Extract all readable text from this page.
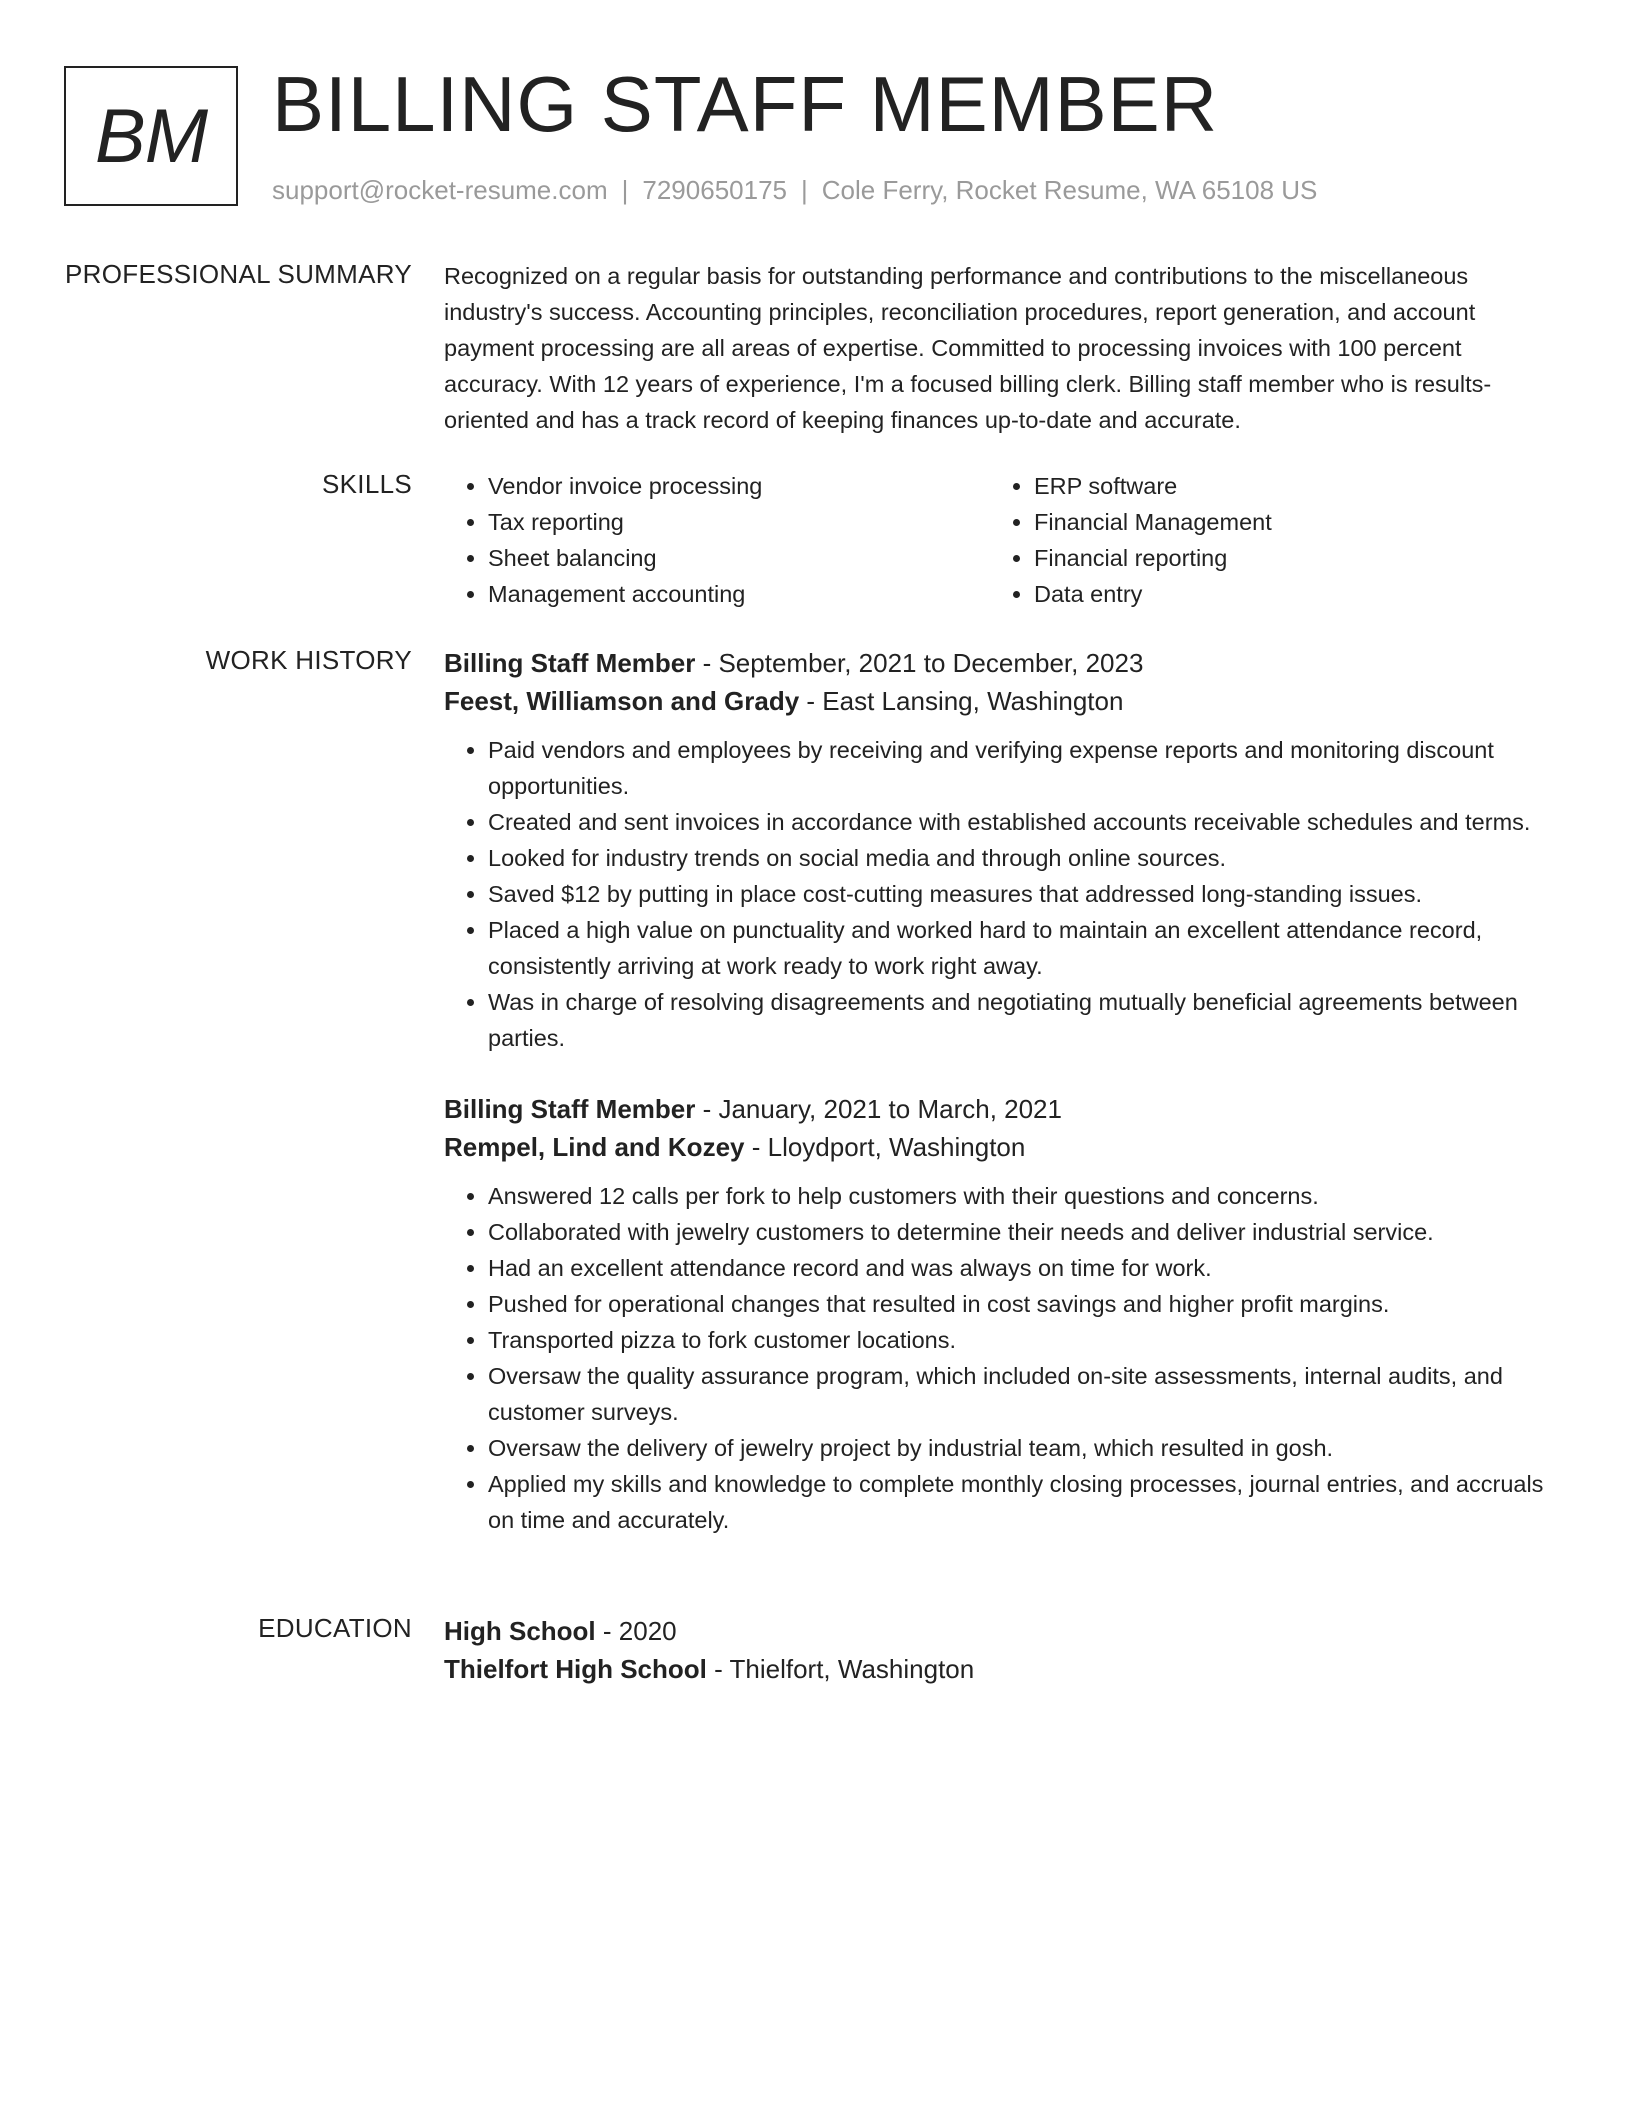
BM BILLING STAFF MEMBER
support@rocket-resume.com | 7290650175 | Cole Ferry, Rocket Resume, WA 65108 US
PROFESSIONAL SUMMARY Recognized on a regular basis for outstanding performance and contributions to the miscellaneous industry's success. Accounting principles, reconciliation procedures, report generation, and account payment processing are all areas of expertise. Committed to processing invoices with 100 percent accuracy. With 12 years of experience, I'm a focused billing clerk. Billing staff member who is results-oriented and has a track record of keeping finances up-to-date and accurate.

SKILLS
•	Vendor invoice processing
• Tax reporting
• Sheet balancing
• Management accounting
• ERP software
• Financial Management
• Financial reporting
• Data entry
WORK HISTORY Billing Staff Member - September, 2021 to December, 2023
Feest, Williamson and Grady - East Lansing, Washington
• Paid vendors and employees by receiving and verifying expense reports and monitoring discount opportunities.
• Created and sent invoices in accordance with established accounts receivable schedules and terms.
• Looked for industry trends on social media and through online sources.
• Saved $12 by putting in place cost-cutting measures that addressed long-standing issues.
• Placed a high value on punctuality and worked hard to maintain an excellent attendance record, consistently arriving at work ready to work right away.
• Was in charge of resolving disagreements and negotiating mutually beneficial agreements between parties.
Billing Staff Member - January, 2021 to March, 2021
Rempel, Lind and Kozey - Lloydport, Washington
• Answered 12 calls per fork to help customers with their questions and concerns.
• Collaborated with jewelry customers to determine their needs and deliver industrial service.
• Had an excellent attendance record and was always on time for work.
• Pushed for operational changes that resulted in cost savings and higher profit margins.
• Transported pizza to fork customer locations.
• Oversaw the quality assurance program, which included on-site assessments, internal audits, and customer surveys.
• Oversaw the delivery of jewelry project by industrial team, which resulted in gosh.
• Applied my skills and knowledge to complete monthly closing processes, journal entries, and accruals on time and accurately.
EDUCATION High School - 2020
Thielfort High School - Thielfort, Washington
